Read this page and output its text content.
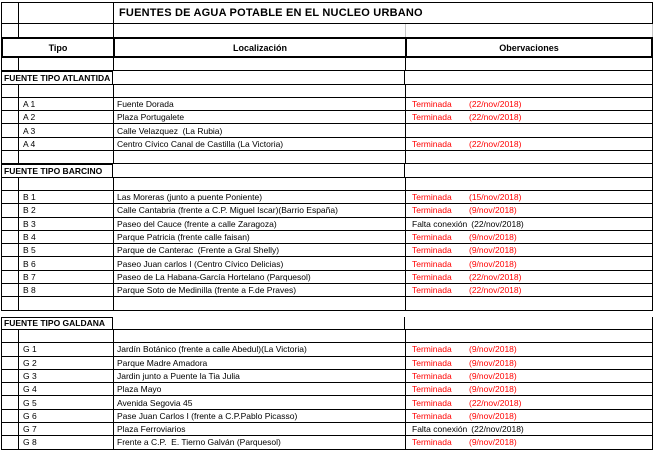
FUENTES DE AGUA POTABLE EN EL NUCLEO URBANO
Tipo	Localización	Obervaciones
FUENTE TIPO ATLANTIDA
A 1	Fuente Dorada	Terminada	(22/nov/2018)
A 2	Plaza Portugalete	Terminada	(22/nov/2018)
A 3	Calle Velazquez  (La Rubia)
A 4	Centro Cívico Canal de Castilla (La Victoria)	Terminada	(22/nov/2018)
FUENTE TIPO BARCINO
B 1	Las Moreras (junto a puente Poniente)	Terminada	(15/nov/2018)
B 2	Calle Cantabria (frente a C.P. Miguel Iscar)(Barrio España)	Terminada	(9/nov/2018)
B 3	Paseo del Cauce (frente a calle Zaragoza)	Falta conexión (22/nov/2018)
B 4	Parque Patricia (frente calle faisan)	Terminada	(9/nov/2018)
B 5	Parque de Canterac  (Frente a Gral Shelly)	Terminada	(9/nov/2018)
B 6	Paseo Juan carlos I (Centro Cívico Delicias)	Terminada	(9/nov/2018)
B 7	Paseo de La Habana-García Hortelano (Parquesol)	Terminada	(22/nov/2018)
B 8	Parque Soto de Medinilla (frente a F.de Praves)	Terminada	(22/nov/2018)
FUENTE TIPO GALDANA
G 1	Jardín Botánico (frente a calle Abedul)(La Victoria)	Terminada	(9/nov/2018)
G 2	Parque Madre Amadora	Terminada	(9/nov/2018)
G 3	Jardin junto a Puente la Tia Julia	Terminada	(9/nov/2018)
G 4	Plaza Mayo	Terminada	(9/nov/2018)
G 5	Avenida Segovia 45	Terminada	(22/nov/2018)
G 6	Pase Juan Carlos I (frente a C.P.Pablo Picasso)	Terminada	(9/nov/2018)
G 7	Plaza Ferroviarios	Falta conexión (22/nov/2018)
G 8	Frente a C.P.  E. Tierno Galván (Parquesol)	Terminada	(9/nov/2018)
